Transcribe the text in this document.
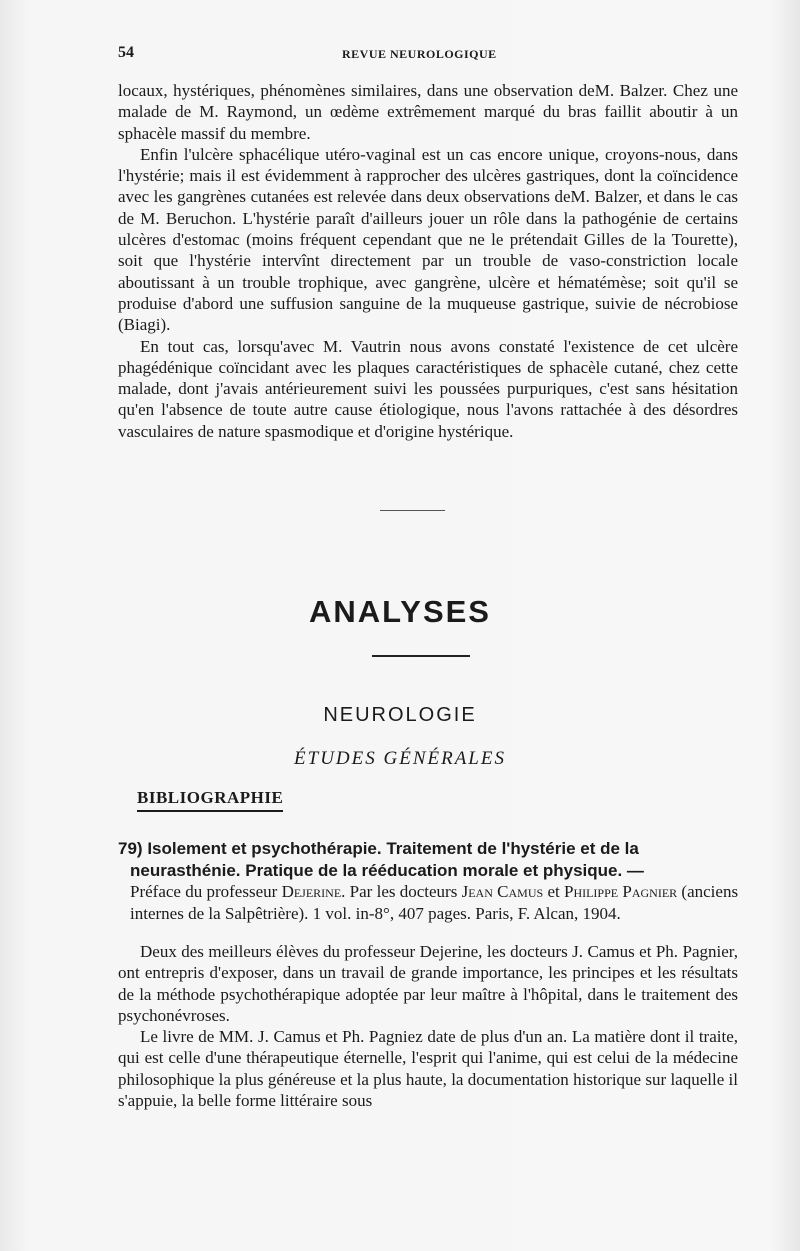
54	REVUE NEUROLOGIQUE

locaux, hystériques, phénomènes similaires, dans une observation deM. Balzer. Chez une malade de M. Raymond, un œdème extrêmement marqué du bras faillit aboutir à un sphacèle massif du membre.

Enfin l'ulcère sphacélique utéro-vaginal est un cas encore unique, croyons-nous, dans l'hystérie; mais il est évidemment à rapprocher des ulcères gastriques, dont la coïncidence avec les gangrènes cutanées est relevée dans deux observations deM. Balzer, et dans le cas de M. Beruchon. L'hystérie paraît d'ailleurs jouer un rôle dans la pathogénie de certains ulcères d'estomac (moins fréquent cependant que ne le prétendait Gilles de la Tourette), soit que l'hystérie intervînt directement par un trouble de vaso-constriction locale aboutissant à un trouble trophique, avec gangrène, ulcère et hématémèse; soit qu'il se produise d'abord une suffusion sanguine de la muqueuse gastrique, suivie de nécrobiose (Biagi).

En tout cas, lorsqu'avec M. Vautrin nous avons constaté l'existence de cet ulcère phagédénique coïncidant avec les plaques caractéristiques de sphacèle cutané, chez cette malade, dont j'avais antérieurement suivi les poussées purpuriques, c'est sans hésitation qu'en l'absence de toute autre cause étiologique, nous l'avons rattachée à des désordres vasculaires de nature spasmodique et d'origine hystérique.

ANALYSES
NEUROLOGIE
ÉTUDES GÉNÉRALES
BIBLIOGRAPHIE
79) Isolement et psychothérapie. Traitement de l'hystérie et de la neurasthénie. Pratique de la rééducation morale et physique. —
Préface du professeur Dejerine. Par les docteurs Jean Camus et Philippe Pagnier (anciens internes de la Salpêtrière). 1 vol. in-8°, 407 pages. Paris, F. Alcan, 1904.

Deux des meilleurs élèves du professeur Dejerine, les docteurs J. Camus et Ph. Pagnier, ont entrepris d'exposer, dans un travail de grande importance, les principes et les résultats de la méthode psychothérapique adoptée par leur maître à l'hôpital, dans le traitement des psychonévroses.

Le livre de MM. J. Camus et Ph. Pagniez date de plus d'un an. La matière dont il traite, qui est celle d'une thérapeutique éternelle, l'esprit qui l'anime, qui est celui de la médecine philosophique la plus généreuse et la plus haute, la documentation historique sur laquelle il s'appuie, la belle forme littéraire sous
